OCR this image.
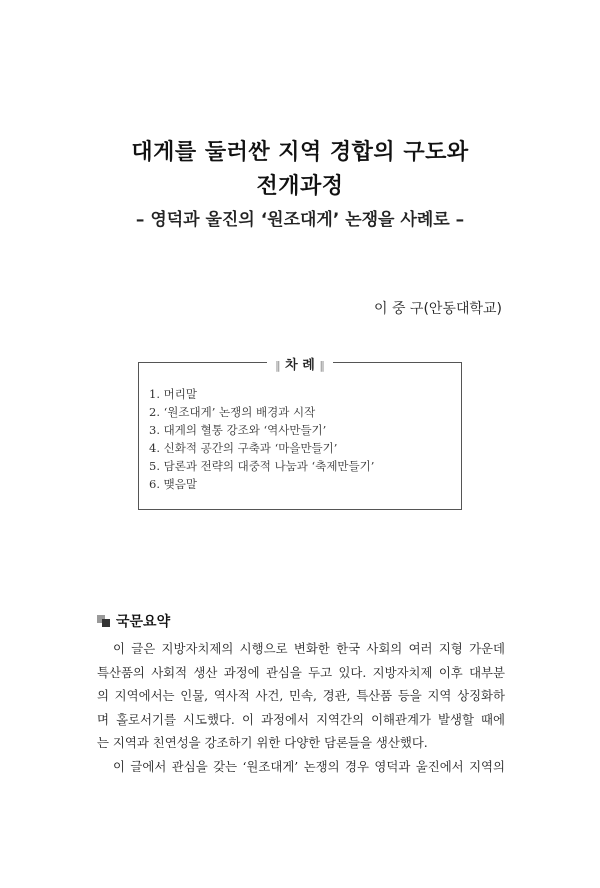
대게를 둘러싼 지역 경합의 구도와
전개과정
– 영덕과 울진의 ‘원조대게’ 논쟁을 사례로 –
이 중 구(안동대학교)
‖ 차 례 ‖
1. 머리말
2. ‘원조대게’ 논쟁의 배경과 시작
3. 대게의 혈통 강조와 ‘역사만들기’
4. 신화적 공간의 구축과 ‘마을만들기’
5. 담론과 전략의 대중적 나눔과 ‘축제만들기’
6. 맺음말
국문요약

이 글은 지방자치제의 시행으로 변화한 한국 사회의 여러 지형 가운데

특산품의 사회적 생산 과정에 관심을 두고 있다. 지방자치제 이후 대부분

의 지역에서는 인물, 역사적 사건, 민속, 경관, 특산품 등을 지역 상징화하

며 홀로서기를 시도했다. 이 과정에서 지역간의 이해관계가 발생할 때에

는 지역과 친연성을 강조하기 위한 다양한 담론들을 생산했다.

이 글에서 관심을 갖는 ‘원조대게’ 논쟁의 경우 영덕과 울진에서 지역의
